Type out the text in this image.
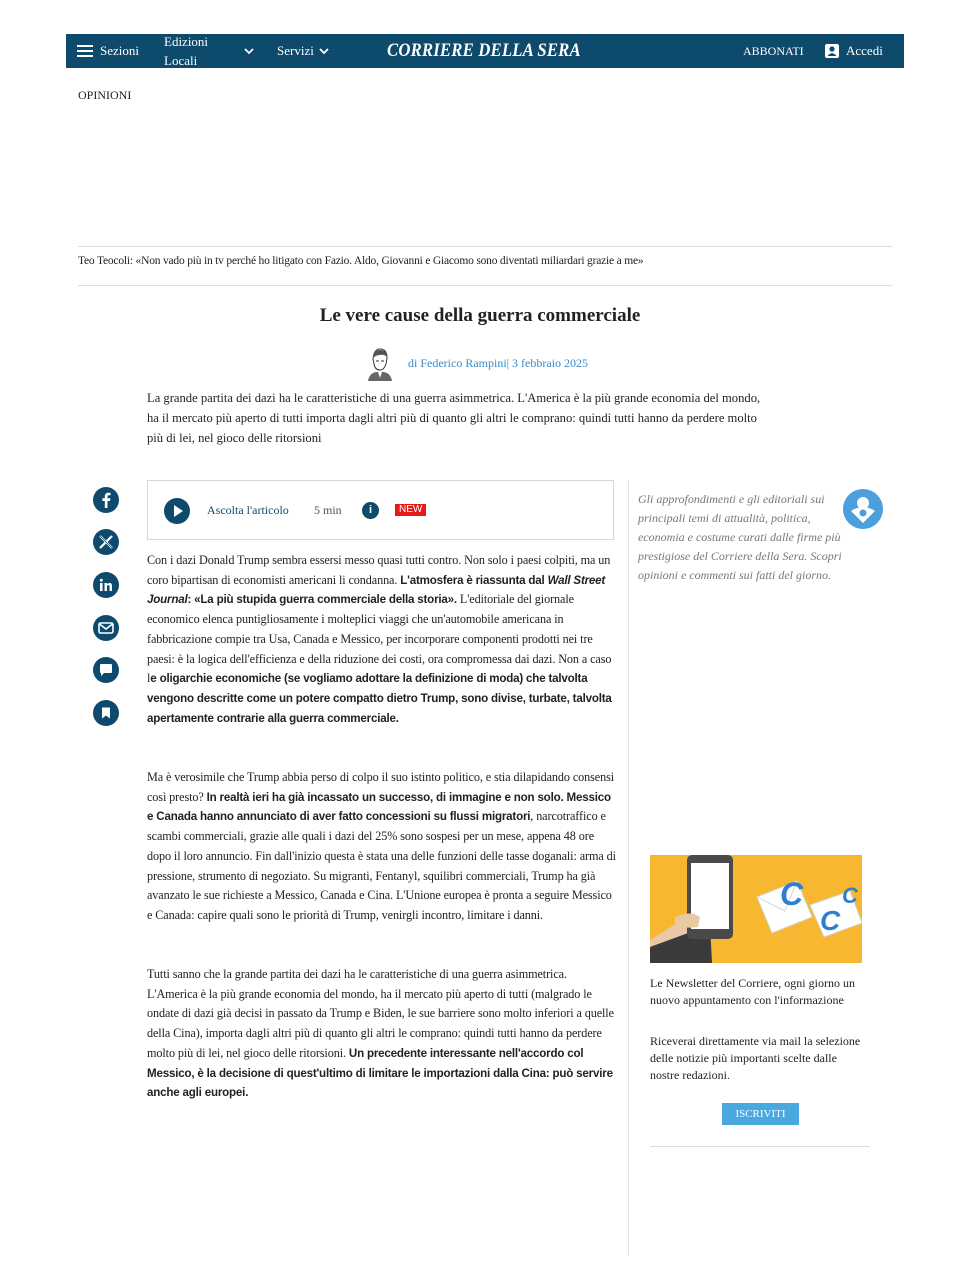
Sezioni
Edizioni
Locali
Servizi	CORRIERE DELLA SERA	ABBONATI	Accedi
OPINIONI
Teo Teocoli: «Non vado più in tv perché ho litigato con Fazio. Aldo, Giovanni e Giacomo sono diventati miliardari grazie a me»
Le vere cause della guerra commerciale
di Federico Rampini| 3 febbraio 2025
La grande partita dei dazi ha le caratteristiche di una guerra asimmetrica. L'America è la più grande economia del mondo,
ha il mercato più aperto di tutti importa dagli altri più di quanto gli altri le comprano: quindi tutti hanno da perdere molto
più di lei, nel gioco delle ritorsioni
Ascolta l'articolo 5 min	i	NEW
Con i dazi Donald Trump sembra essersi messo quasi tutti contro. Non solo i paesi colpiti, ma un coro bipartisan di economisti americani li condanna. L'atmosfera è riassunta dal Wall Street Journal: «La più stupida guerra commerciale della storia». L'editoriale del giornale economico elenca puntigliosamente i molteplici viaggi che un'automobile americana in fabbricazione compie tra Usa, Canada e Messico, per incorporare componenti prodotti nei tre paesi: è la logica dell'efficienza e della riduzione dei costi, ora compromessa dai dazi. Non a caso le oligarchie economiche (se vogliamo adottare la definizione di moda) che talvolta vengono descritte come un potere compatto dietro Trump, sono divise, turbate, talvolta apertamente contrarie alla guerra commerciale.
Ma è verosimile che Trump abbia perso di colpo il suo istinto politico, e stia dilapidando consensi così presto? In realtà ieri ha già incassato un successo, di immagine e non solo. Messico e Canada hanno annunciato di aver fatto concessioni su flussi migratori, narcotraffico e scambi commerciali, grazie alle quali i dazi del 25% sono sospesi per un mese, appena 48 ore dopo il loro annuncio. Fin dall'inizio questa è stata una delle funzioni delle tasse doganali: arma di pressione, strumento di negoziato. Su migranti, Fentanyl, squilibri commerciali, Trump ha già avanzato le sue richieste a Messico, Canada e Cina. L'Unione europea è pronta a seguire Messico e Canada: capire quali sono le priorità di Trump, venirgli incontro, limitare i danni.
Tutti sanno che la grande partita dei dazi ha le caratteristiche di una guerra asimmetrica. L'America è la più grande economia del mondo, ha il mercato più aperto di tutti (malgrado le ondate di dazi già decisi in passato da Trump e Biden, le sue barriere sono molto inferiori a quelle della Cina), importa dagli altri più di quanto gli altri le comprano: quindi tutti hanno da perdere molto più di lei, nel gioco delle ritorsioni. Un precedente interessante nell'accordo col Messico, è la decisione di quest'ultimo di limitare le importazioni dalla Cina: può servire anche agli europei.
Gli approfondimenti e gli editoriali sui principali temi di attualità, politica, economia e costume curati dalle firme più prestigiose del Corriere della Sera. Scopri opinioni e commenti sui fatti del giorno.
C
C
C
Le Newsletter del Corriere, ogni giorno un nuovo appuntamento con l'informazione
Riceverai direttamente via mail la selezione delle notizie più importanti scelte dalle nostre redazioni.
ISCRIVITI
